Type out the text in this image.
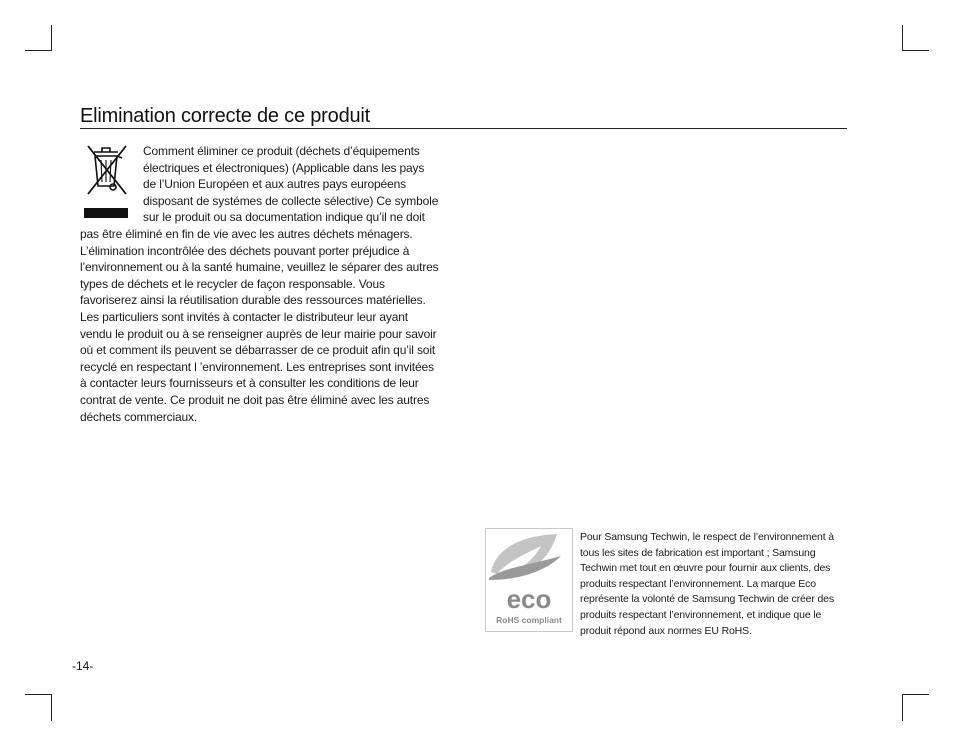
Elimination correcte de ce produit
Comment éliminer ce produit (déchets d’équipements électriques et électroniques) (Applicable dans les pays de l’Union Européen et aux autres pays européens disposant de systémes de collecte sélective) Ce symbole sur le produit ou sa documentation indique qu’il ne doit pas être éliminé en fin de vie avec les autres déchets ménagers. L’élimination incontrôlée des déchets pouvant porter préjudice à l’environnement ou à la santé humaine, veuillez le séparer des autres types de déchets et le recycler de façon responsable. Vous favoriserez ainsi la réutilisation durable des ressources matérielles. Les particuliers sont invités à contacter le distributeur leur ayant vendu le produit ou à se renseigner auprès de leur mairie pour savoir où et comment ils peuvent se débarrasser de ce produit afin qu’il soit recyclé en respectant l ’environnement. Les entreprises sont invitées à contacter leurs fournisseurs et à consulter les conditions de leur contrat de vente. Ce produit ne doit pas être éliminé avec les autres déchets commerciaux.
eco
RoHS compliant
Pour Samsung Techwin, le respect de l’environnement à tous les sites de fabrication est important ; Samsung Techwin met tout en œuvre pour fournir aux clients, des produits respectant l’environnement. La marque Eco représente la volonté de Samsung Techwin de créer des produits respectant l’environnement, et indique que le produit répond aux normes EU RoHS.
-14-
